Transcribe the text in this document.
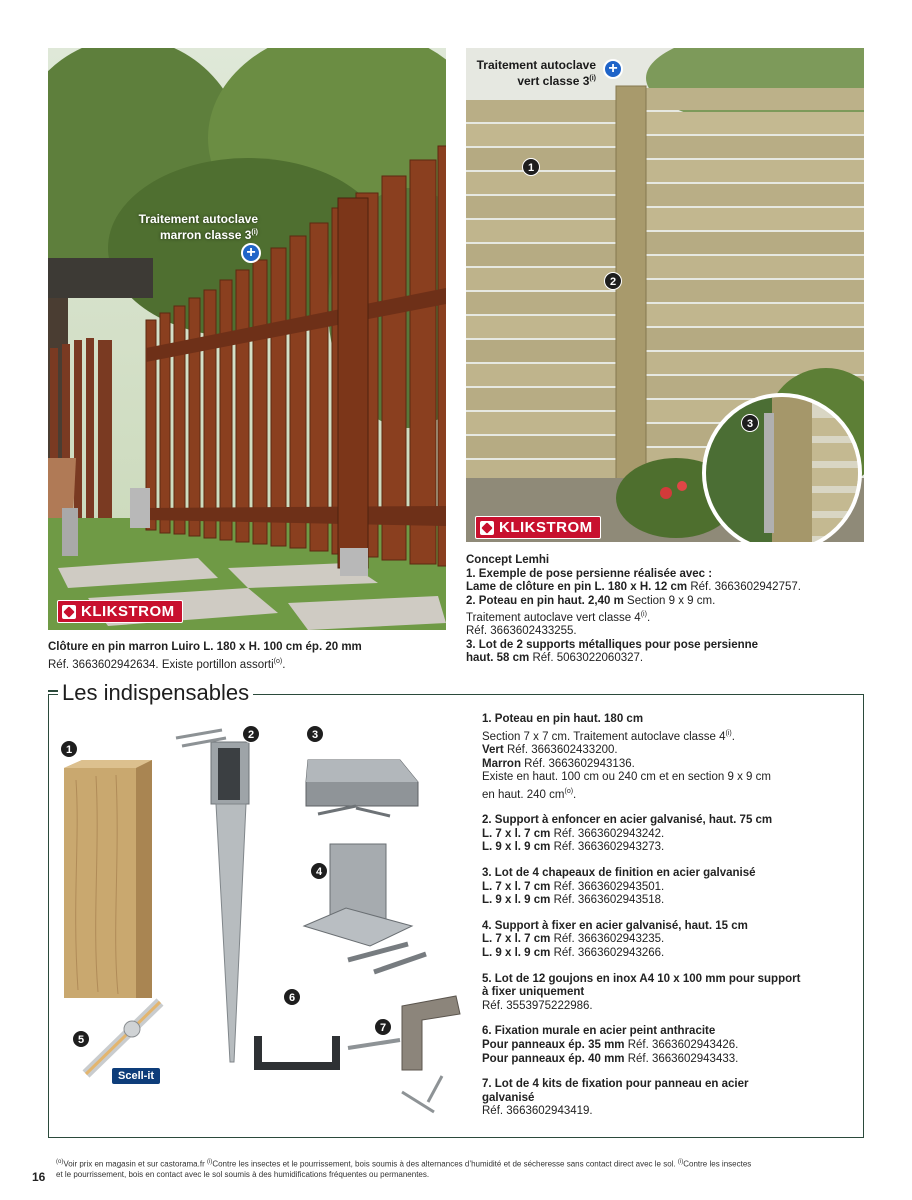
Traitement autoclave
marron classe $3^{(i)}$
+
KLIKSTROM
Traitement autoclave
vert classe $3^{(i)}$
+
1
2
3
KLIKSTROM
Clôture en pin marron Luiro L. 180 x H. 100 cm ép. 20 mm
Réf. 3663602942634. Existe portillon assorti$^{(o)}$.
Concept Lemhi
1. Exemple de pose persienne réalisée avec :
Lame de clôture en pin L. 180 x H. 12 cm Réf. 3663602942757.
2. Poteau en pin haut. 2,40 m Section 9 x 9 cm.
Traitement autoclave vert classe 4$^{(i)}$.
Réf. 3663602433255.
3. Lot de 2 supports métalliques pour pose persienne
haut. 58 cm Réf. 5063022060327.
Les indispensables
1
2	3
4
5
6
7
Scell-it
1. Poteau en pin haut. 180 cm
Section 7 x 7 cm. Traitement autoclave classe 4$^{(i)}$.
Vert Réf. 3663602433200.
Marron Réf. 3663602943136.
Existe en haut. 100 cm ou 240 cm et en section 9 x 9 cm
en haut. 240 $cm^{(o)}$.
2. Support à enfoncer en acier galvanisé, haut. 75 cm
L. 7 x l. 7 cm Réf. 3663602943242.
L. 9 x l. 9 cm Réf. 3663602943273.
3. Lot de 4 chapeaux de finition en acier galvanisé
L. 7 x l. 7 cm Réf. 3663602943501.
L. 9 x l. 9 cm Réf. 3663602943518.
4. Support à fixer en acier galvanisé, haut. 15 cm
L. 7 x l. 7 cm Réf. 3663602943235.
L. 9 x l. 9 cm Réf. 3663602943266.
5. Lot de 12 goujons en inox A4 10 x 100 mm pour support
à fixer uniquement
Réf. 3553975222986.
6. Fixation murale en acier peint anthracite
Pour panneaux ép. 35 mm Réf. 3663602943426.
Pour panneaux ép. 40 mm Réf. 3663602943433.
7. Lot de 4 kits de fixation pour panneau en acier
galvanisé
Réf. 3663602943419.
$^{(o)}$Voir prix en magasin et sur castorama.fr $^{(i)}$Contre les insectes et le pourrissement, bois soumis à des alternances d’humidité et de sécheresse sans contact direct avec le sol. $^{(i)}$Contre les insectes
et le pourrissement, bois en contact avec le sol soumis à des humidifications fréquentes ou permanentes.
16
